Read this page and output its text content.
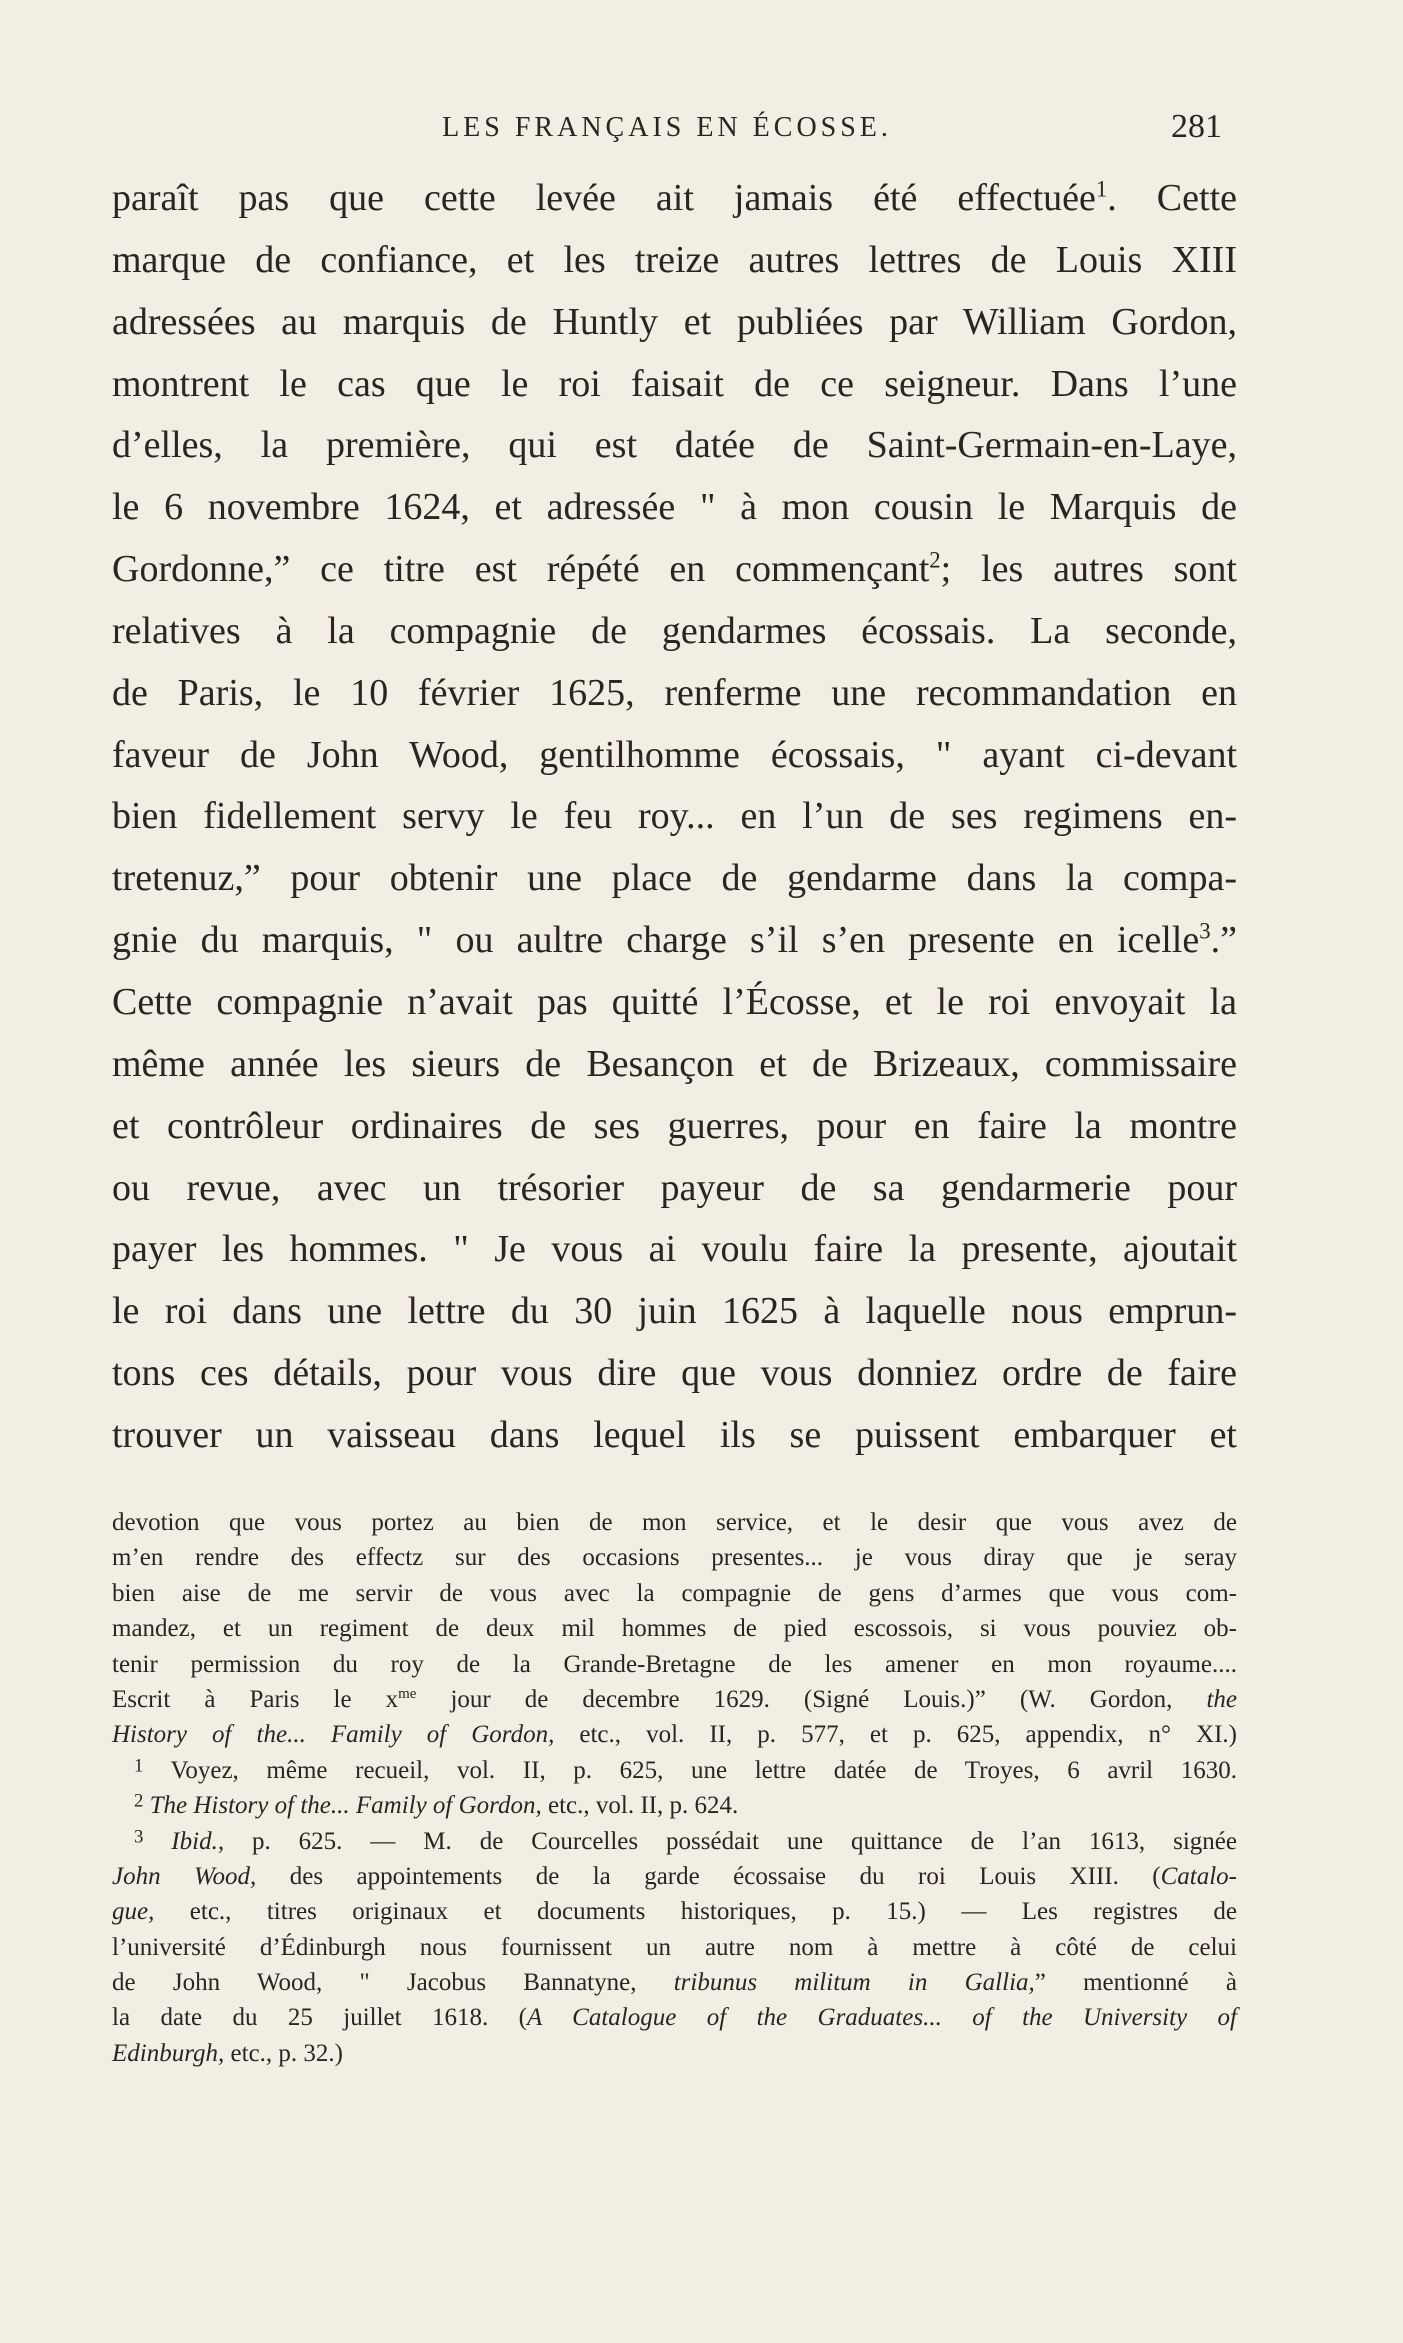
LES FRANÇAIS EN ÉCOSSE.	281
paraît pas que cette levée ait jamais été effectuée$^1$. Cette
marque de confiance, et les treize autres lettres de Louis XIII
adressées au marquis de Huntly et publiées par William Gordon,
montrent le cas que le roi faisait de ce seigneur. Dans l’une
d’elles, la première, qui est datée de Saint-Germain-en-Laye,
le 6 novembre 1624, et adressée " à mon cousin le Marquis de
Gordonne,” ce titre est répété en commençant$^2$; les autres sont
relatives à la compagnie de gendarmes écossais. La seconde,
de Paris, le 10 février 1625, renferme une recommandation en
faveur de John Wood, gentilhomme écossais, " ayant ci-devant
bien fidellement servy le feu roy... en l’un de ses regimens en-
tretenuz,” pour obtenir une place de gendarme dans la compa-
gnie du marquis, " ou aultre charge s’il s’en presente en icelle$^3$.”
Cette compagnie n’avait pas quitté l’Écosse, et le roi envoyait la
même année les sieurs de Besançon et de Brizeaux, commissaire
et contrôleur ordinaires de ses guerres, pour en faire la montre
ou revue, avec un trésorier payeur de sa gendarmerie pour
payer les hommes. " Je vous ai voulu faire la presente, ajoutait
le roi dans une lettre du 30 juin 1625 à laquelle nous emprun-
tons ces détails, pour vous dire que vous donniez ordre de faire
trouver un vaisseau dans lequel ils se puissent embarquer et
devotion que vous portez au bien de mon service, et le desir que vous avez de
m’en rendre des effectz sur des occasions presentes... je vous diray que je seray
bien aise de me servir de vous avec la compagnie de gens d’armes que vous com-
mandez, et un regiment de deux mil hommes de pied escossois, si vous pouviez ob-
tenir permission du roy de la Grande-Bretagne de les amener en mon royaume....
Escrit à Paris le $x^{me}$ jour de decembre 1629. (Signé Louis.)” (W. Gordon, the
History of the... Family of Gordon, etc., vol. II, p. 577, et p. 625, appendix, n° XI.)
$^1$ Voyez, même recueil, vol. II, p. 625, une lettre datée de Troyes, 6 avril 1630.
$^2$ The History of the... Family of Gordon, etc., vol. II, p. 624.
$^3$ Ibid., p. 625. — M. de Courcelles possédait une quittance de l’an 1613, signée
John Wood, des appointements de la garde écossaise du roi Louis XIII. (Catalo-
gue, etc., titres originaux et documents historiques, p. 15.) — Les registres de
l’université d’Édinburgh nous fournissent un autre nom à mettre à côté de celui
de John Wood, " Jacobus Bannatyne, tribunus militum in Gallia,” mentionné à
la date du 25 juillet 1618. (A Catalogue of the Graduates... of the University of
Edinburgh, etc., p. 32.)
